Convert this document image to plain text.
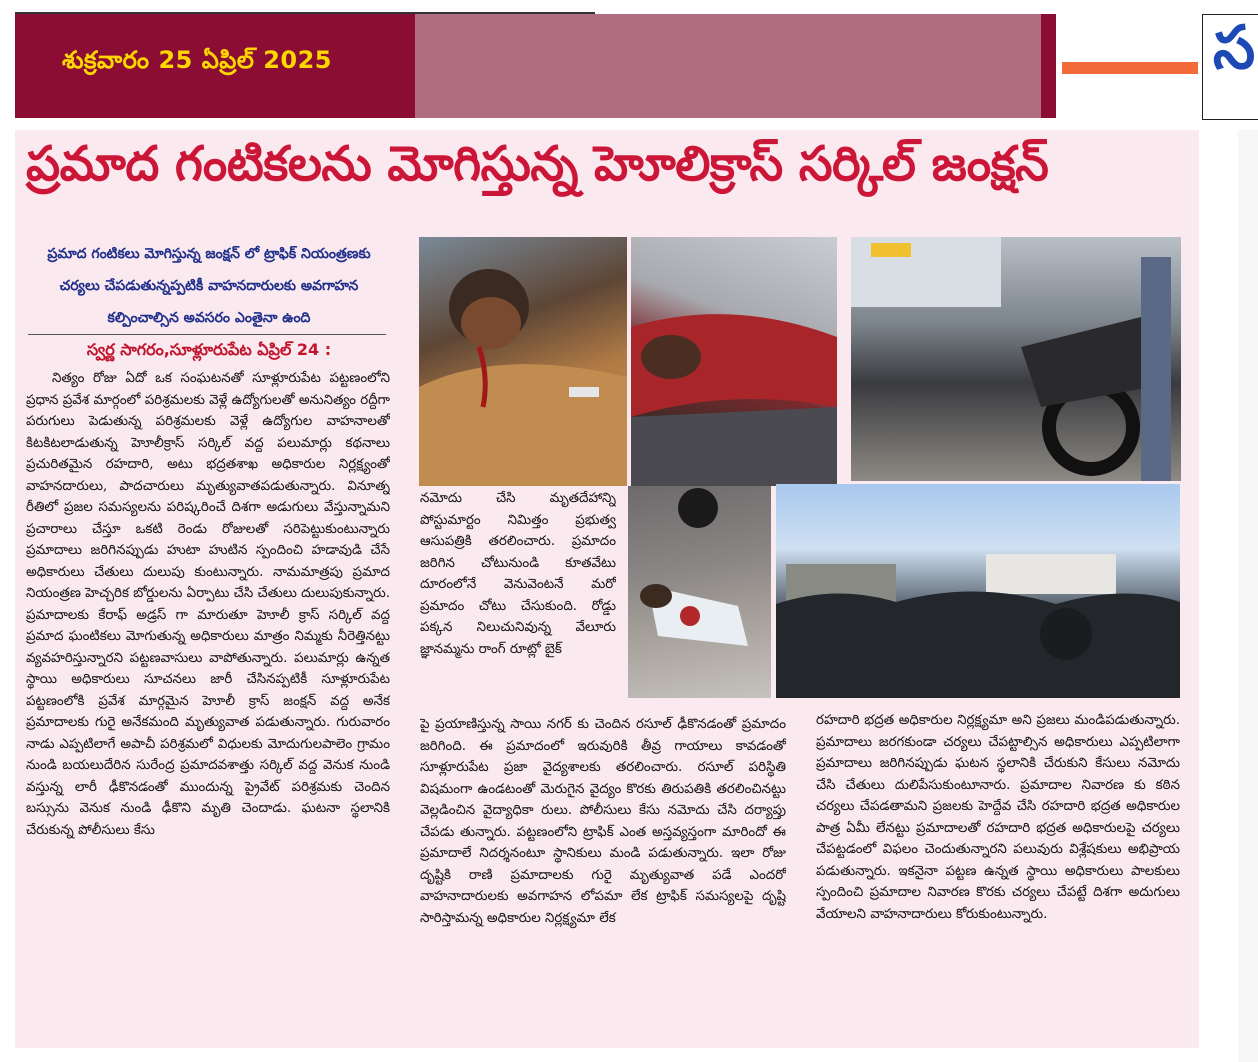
శుక్రవారం 25 ఏప్రిల్ 2025	స
ప్రమాద గంటికలను మోగిస్తున్న హెూలిక్రాస్ సర్కిల్ జంక్షన్
ప్రమాద గంటికలు మోగిస్తున్న జంక్షన్ లో ట్రాఫిక్ నియంత్రణకు చర్యలు చేపడుతున్నప్పటికీ వాహనదారులకు అవగాహన కల్పించాల్సిన అవసరం ఎంతైనా ఉంది
స్వర్ణ సాగరం,సూళ్లూరుపేట ఏప్రిల్ 24 :
నిత్యం రోజు ఏదో ఒక సంఘటనతో సూళ్లూరుపేట పట్టణంలోని ప్రధాన ప్రవేశ మార్గంలో పరిశ్రమలకు వెళ్లే ఉద్యోగులతో అనునిత్యం రద్దీగా పరుగులు పెడుతున్న పరిశ్రమలకు వెళ్లే ఉద్యోగుల వాహనాలతో కిటకిటలాడుతున్న హెూలీక్రాస్ సర్కిల్ వద్ద పలుమార్లు కథనాలు ప్రచురితమైన రహదారి, అటు భద్రతశాఖ అధికారుల నిర్లక్ష్యంతో వాహనదారులు, పాదచారులు మృత్యువాతపడుతున్నారు. వినూత్న రీతిలో ప్రజల సమస్యలను పరిష్కరించే దిశగా అడుగులు వేస్తున్నామని ప్రచారాలు చేస్తూ ఒకటి రెండు రోజులతో సరిపెట్టుకుంటున్నారు ప్రమాదాలు జరిగినప్పుడు హుటా హుటిన స్పందించి హడావుడి చేసే అధికారులు చేతులు దులుపు కుంటున్నారు. నామమాత్రపు ప్రమాద నియంత్రణ హెచ్చరిక బోర్డులను ఏర్పాటు చేసి చేతులు దులుపుకున్నారు. ప్రమాదాలకు కేరాఫ్ అడ్రస్ గా మారుతూ హెూలీ క్రాస్ సర్కిల్ వద్ద ప్రమాద ఘంటికలు మోగుతున్న అధికారులు మాత్రం నిమ్మకు నీరెత్తినట్టు వ్యవహరిస్తున్నారని పట్టణవాసులు వాపోతున్నారు. పలుమార్లు ఉన్నత స్థాయి అధికారులు సూచనలు జారీ చేసినప్పటికీ సూళ్లూరుపేట పట్టణంలోకి ప్రవేశ మార్గమైన హెూలీ క్రాస్ జంక్షన్ వద్ద అనేక ప్రమాదాలకు గురై అనేకమంది మృత్యువాత పడుతున్నారు. గురువారం నాడు ఎప్పటిలాగే అపాచీ పరిశ్రమలో విధులకు మోదుగులపాలెం గ్రామం నుండి బయలుదేరిన సురేంద్ర ప్రమాదవశాత్తు సర్కిల్ వద్ద వెనుక నుండి వస్తున్న లారీ ఢీకొనడంతో ముందున్న ప్రైవేట్ పరిశ్రమకు చెందిన బస్సును వెనుక నుండి ఢీకొని మృతి చెందాడు. ఘటనా స్థలానికి చేరుకున్న పోలీసులు కేసు
నమోదు చేసి మృతదేహాన్ని పోస్టుమార్టం నిమిత్తం ప్రభుత్వ ఆసుపత్రికి తరలించారు. ప్రమాదం జరిగిన చోటునుండి కూతవేటు దూరంలోనే వెనువెంటనే మరో ప్రమాదం చోటు చేసుకుంది. రోడ్డు పక్కన నిలుచునివున్న వేలూరు జ్ఞానమ్మను రాంగ్ రూట్లో బైక్
పై ప్రయాణిస్తున్న సాయి నగర్ కు చెందిన రసూల్ ఢీకొనడంతో ప్రమాదం జరిగింది. ఈ ప్రమాదంలో ఇరువురికి తీవ్ర గాయాలు కావడంతో సూళ్లూరుపేట ప్రజా వైద్యశాలకు తరలించారు. రసూల్ పరిస్థితి విషమంగా ఉండటంతో మెరుగైన వైద్యం కొరకు తిరుపతికి తరలించినట్టు వెల్లడించిన వైద్యాధికా రులు. పోలీసులు కేసు నమోదు చేసి దర్యాప్తు చేపడు తున్నారు. పట్టణంలోని ట్రాఫిక్ ఎంత అస్తవ్యస్తంగా మారిందో ఈ ప్రమాదాలే నిదర్శనంటూ స్థానికులు మండి పడుతున్నారు. ఇలా రోజు దృష్టికి రాణి ప్రమాదాలకు గురై మృత్యువాత పడే ఎందరో వాహనాదారులకు అవగాహన లోపమా లేక ట్రాఫిక్ సమస్యలపై దృష్టి సారిస్తామన్న అధికారుల నిర్లక్ష్యమా లేక
రహదారి భద్రత అధికారుల నిర్లక్ష్యమా అని ప్రజలు మండిపడుతున్నారు. ప్రమాదాలు జరగకుండా చర్యలు చేపట్టాల్సిన అధికారులు ఎప్పటిలాగా ప్రమాదాలు జరిగినప్పుడు ఘటన స్థలానికి చేరుకుని కేసులు నమోదు చేసి చేతులు దులిపేసుకుంటూనారు. ప్రమాదాల నివారణ కు కఠిన చర్యలు చేపడతామని ప్రజలకు హెద్దేవ చేసి రహదారి భద్రత అధికారుల పాత్ర ఏమీ లేనట్టు ప్రమాదాలతో రహదారి భద్రత అధికారులపై చర్యలు చేపట్టడంలో విఫలం చెందుతున్నారని పలువురు విశ్లేషకులు అభిప్రాయ పడుతున్నారు. ఇకనైనా పట్టణ ఉన్నత స్థాయి అధికారులు పాలకులు స్పందించి ప్రమాదాల నివారణ కొరకు చర్యలు చేపట్టే దిశగా అదుగులు వేయాలని వాహనాదారులు కోరుకుంటున్నారు.
